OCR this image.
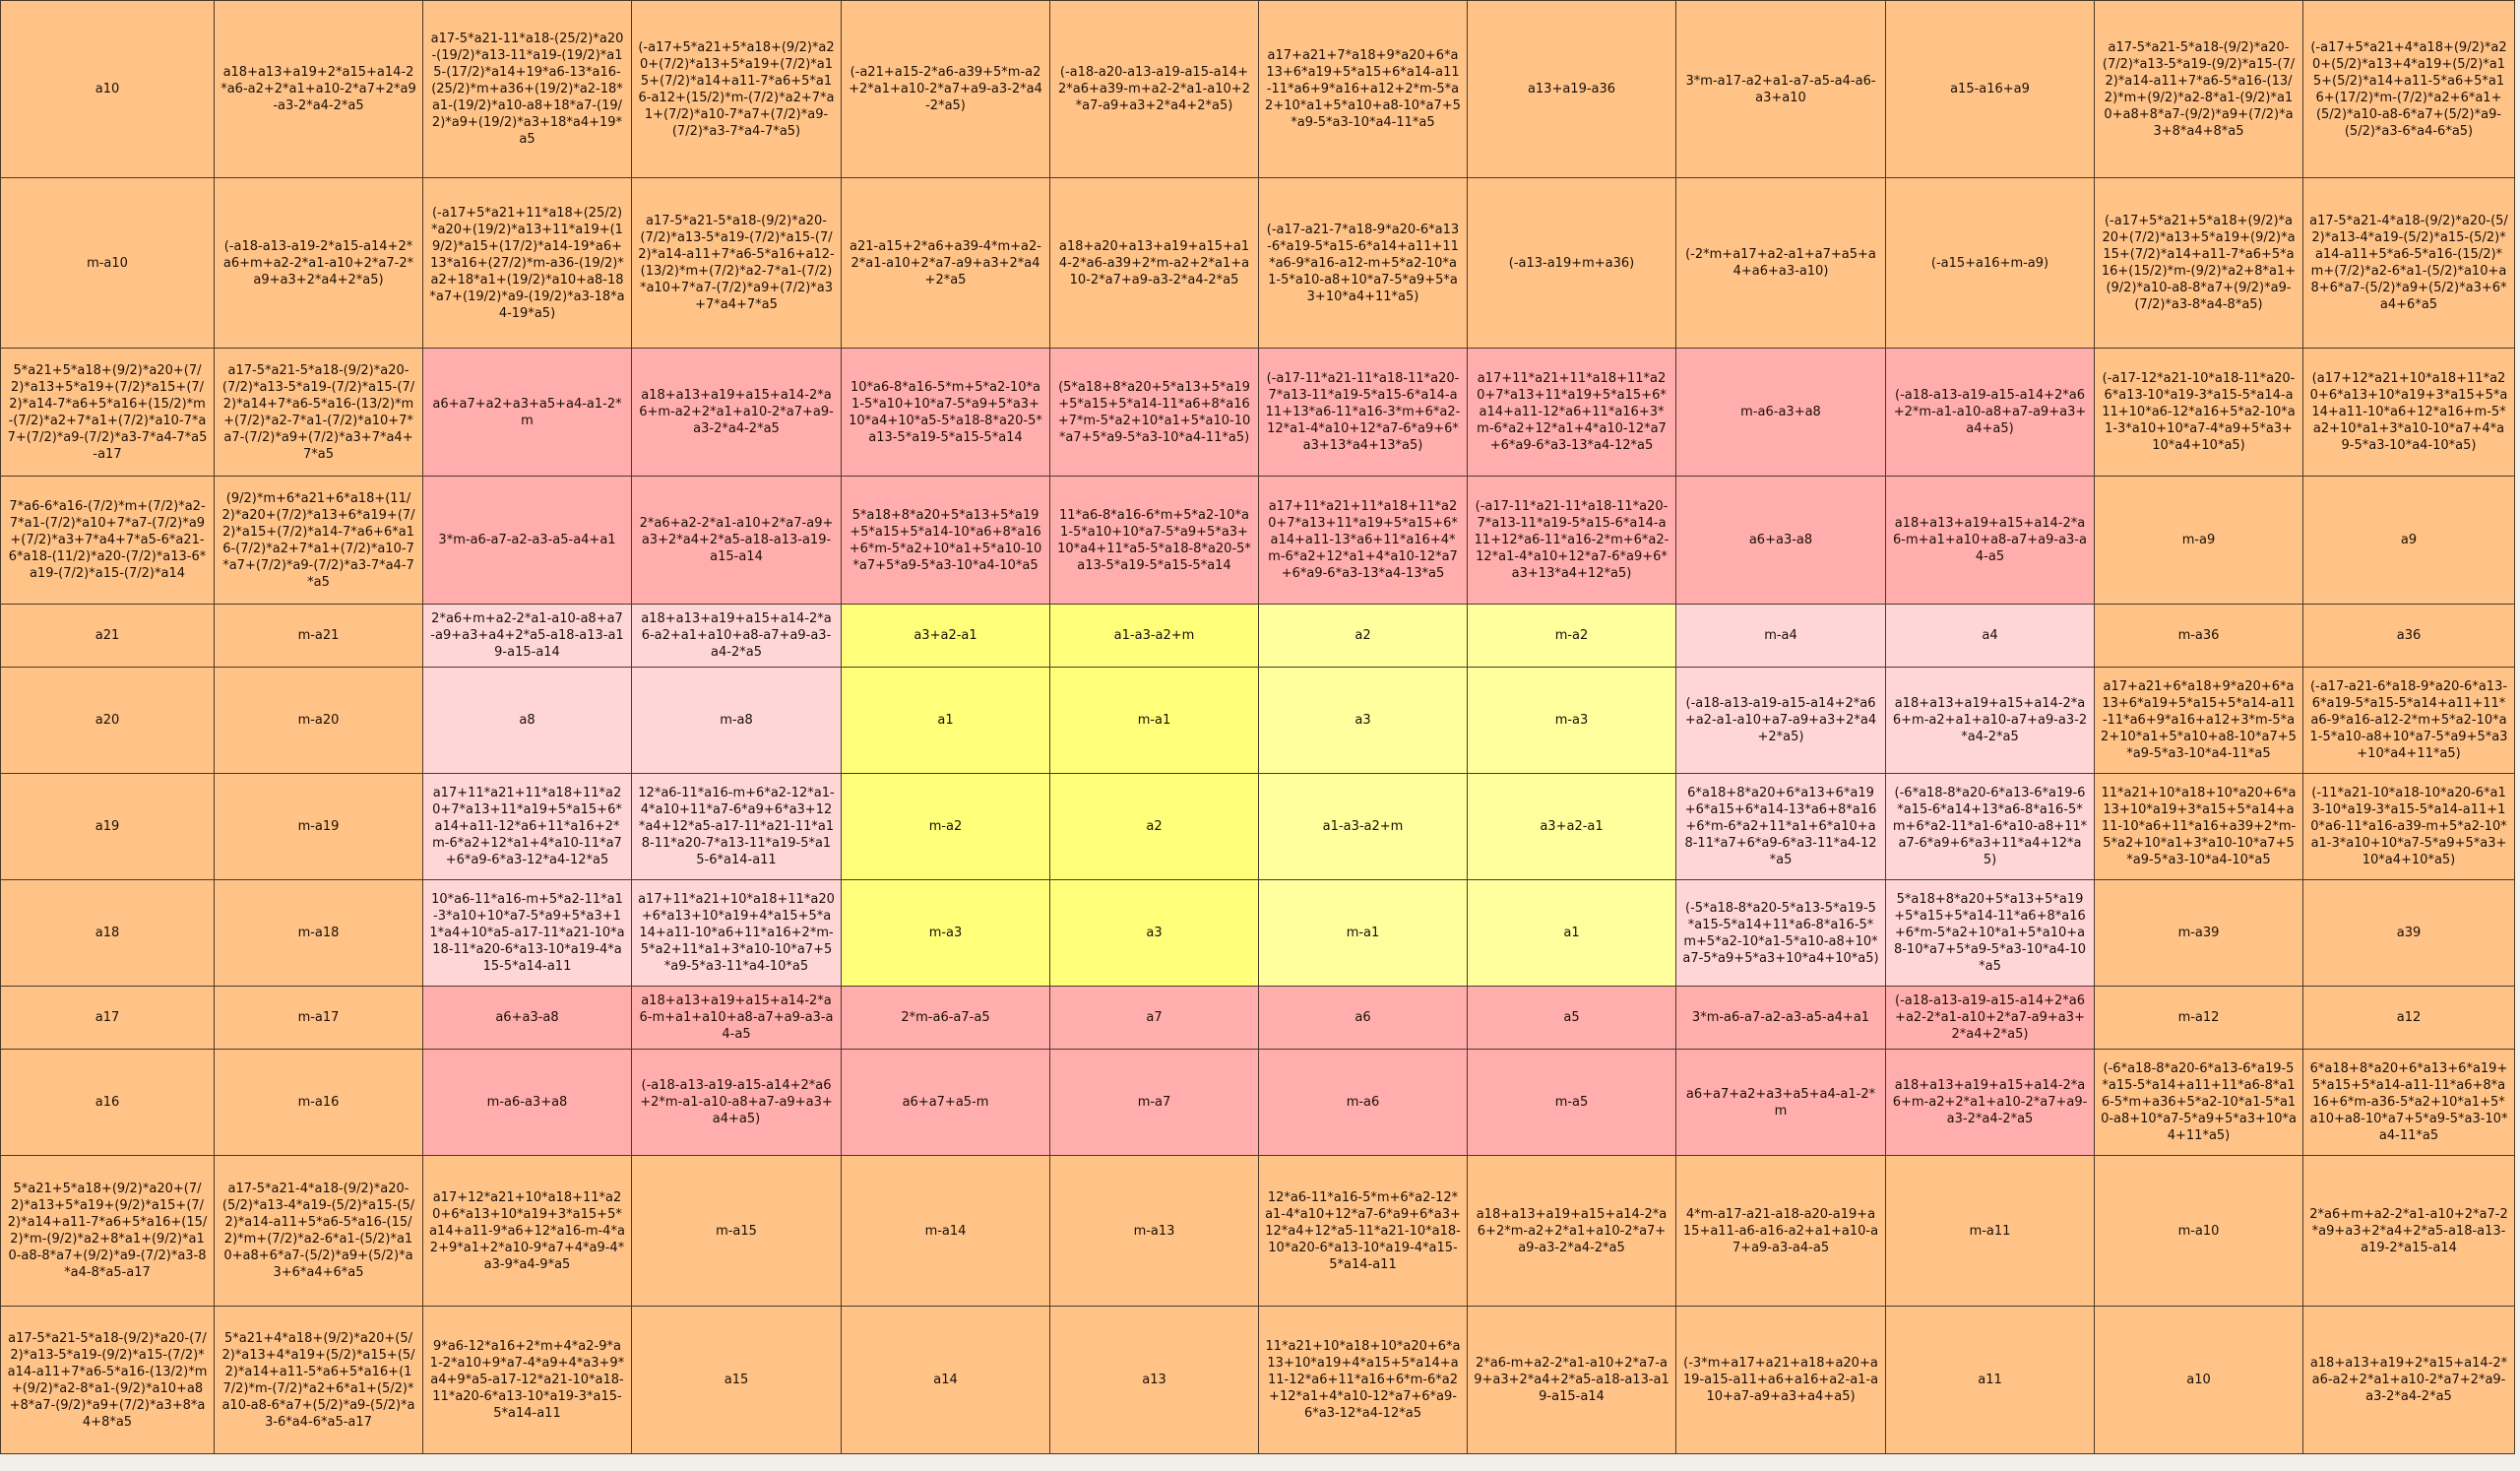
a10	a18+a13+a19+2*a15+a14-2*a6-a2+2*a1+a10-2*a7+2*a9-a3-2*a4-2*a5	a17-5*a21-11*a18-(25/2)*a20-(19/2)*a13-11*a19-(19/2)*a15-(17/2)*a14+19*a6-13*a16-(25/2)*m+a36+(19/2)*a2-18*a1-(19/2)*a10-a8+18*a7-(19/2)*a9+(19/2)*a3+18*a4+19*a5	(-a17+5*a21+5*a18+(9/2)*a20+(7/2)*a13+5*a19+(7/2)*a15+(7/2)*a14+a11-7*a6+5*a16-a12+(15/2)*m-(7/2)*a2+7*a1+(7/2)*a10-7*a7+(7/2)*a9-(7/2)*a3-7*a4-7*a5)	(-a21+a15-2*a6-a39+5*m-a2+2*a1+a10-2*a7+a9-a3-2*a4-2*a5)	(-a18-a20-a13-a19-a15-a14+2*a6+a39-m+a2-2*a1-a10+2*a7-a9+a3+2*a4+2*a5)	a17+a21+7*a18+9*a20+6*a13+6*a19+5*a15+6*a14-a11-11*a6+9*a16+a12+2*m-5*a2+10*a1+5*a10+a8-10*a7+5*a9-5*a3-10*a4-11*a5	a13+a19-a36	3*m-a17-a2+a1-a7-a5-a4-a6-a3+a10	a15-a16+a9	a17-5*a21-5*a18-(9/2)*a20-(7/2)*a13-5*a19-(9/2)*a15-(7/2)*a14-a11+7*a6-5*a16-(13/2)*m+(9/2)*a2-8*a1-(9/2)*a10+a8+8*a7-(9/2)*a9+(7/2)*a3+8*a4+8*a5	(-a17+5*a21+4*a18+(9/2)*a20+(5/2)*a13+4*a19+(5/2)*a15+(5/2)*a14+a11-5*a6+5*a16+(17/2)*m-(7/2)*a2+6*a1+(5/2)*a10-a8-6*a7+(5/2)*a9-(5/2)*a3-6*a4-6*a5)
m-a10	(-a18-a13-a19-2*a15-a14+2*a6+m+a2-2*a1-a10+2*a7-2*a9+a3+2*a4+2*a5)	(-a17+5*a21+11*a18+(25/2)*a20+(19/2)*a13+11*a19+(19/2)*a15+(17/2)*a14-19*a6+13*a16+(27/2)*m-a36-(19/2)*a2+18*a1+(19/2)*a10+a8-18*a7+(19/2)*a9-(19/2)*a3-18*a4-19*a5)	a17-5*a21-5*a18-(9/2)*a20-(7/2)*a13-5*a19-(7/2)*a15-(7/2)*a14-a11+7*a6-5*a16+a12-(13/2)*m+(7/2)*a2-7*a1-(7/2)*a10+7*a7-(7/2)*a9+(7/2)*a3+7*a4+7*a5	a21-a15+2*a6+a39-4*m+a2-2*a1-a10+2*a7-a9+a3+2*a4+2*a5	a18+a20+a13+a19+a15+a14-2*a6-a39+2*m-a2+2*a1+a10-2*a7+a9-a3-2*a4-2*a5	(-a17-a21-7*a18-9*a20-6*a13-6*a19-5*a15-6*a14+a11+11*a6-9*a16-a12-m+5*a2-10*a1-5*a10-a8+10*a7-5*a9+5*a3+10*a4+11*a5)	(-a13-a19+m+a36)	(-2*m+a17+a2-a1+a7+a5+a4+a6+a3-a10)	(-a15+a16+m-a9)	(-a17+5*a21+5*a18+(9/2)*a20+(7/2)*a13+5*a19+(9/2)*a15+(7/2)*a14+a11-7*a6+5*a16+(15/2)*m-(9/2)*a2+8*a1+(9/2)*a10-a8-8*a7+(9/2)*a9-(7/2)*a3-8*a4-8*a5)	a17-5*a21-4*a18-(9/2)*a20-(5/2)*a13-4*a19-(5/2)*a15-(5/2)*a14-a11+5*a6-5*a16-(15/2)*m+(7/2)*a2-6*a1-(5/2)*a10+a8+6*a7-(5/2)*a9+(5/2)*a3+6*a4+6*a5
5*a21+5*a18+(9/2)*a20+(7/2)*a13+5*a19+(7/2)*a15+(7/2)*a14-7*a6+5*a16+(15/2)*m-(7/2)*a2+7*a1+(7/2)*a10-7*a7+(7/2)*a9-(7/2)*a3-7*a4-7*a5-a17	a17-5*a21-5*a18-(9/2)*a20-(7/2)*a13-5*a19-(7/2)*a15-(7/2)*a14+7*a6-5*a16-(13/2)*m+(7/2)*a2-7*a1-(7/2)*a10+7*a7-(7/2)*a9+(7/2)*a3+7*a4+7*a5	a6+a7+a2+a3+a5+a4-a1-2*m	a18+a13+a19+a15+a14-2*a6+m-a2+2*a1+a10-2*a7+a9-a3-2*a4-2*a5	10*a6-8*a16-5*m+5*a2-10*a1-5*a10+10*a7-5*a9+5*a3+10*a4+10*a5-5*a18-8*a20-5*a13-5*a19-5*a15-5*a14	(5*a18+8*a20+5*a13+5*a19+5*a15+5*a14-11*a6+8*a16+7*m-5*a2+10*a1+5*a10-10*a7+5*a9-5*a3-10*a4-11*a5)	(-a17-11*a21-11*a18-11*a20-7*a13-11*a19-5*a15-6*a14-a11+13*a6-11*a16-3*m+6*a2-12*a1-4*a10+12*a7-6*a9+6*a3+13*a4+13*a5)	a17+11*a21+11*a18+11*a20+7*a13+11*a19+5*a15+6*a14+a11-12*a6+11*a16+3*m-6*a2+12*a1+4*a10-12*a7+6*a9-6*a3-13*a4-12*a5	m-a6-a3+a8	(-a18-a13-a19-a15-a14+2*a6+2*m-a1-a10-a8+a7-a9+a3+a4+a5)	(-a17-12*a21-10*a18-11*a20-6*a13-10*a19-3*a15-5*a14-a11+10*a6-12*a16+5*a2-10*a1-3*a10+10*a7-4*a9+5*a3+10*a4+10*a5)	(a17+12*a21+10*a18+11*a20+6*a13+10*a19+3*a15+5*a14+a11-10*a6+12*a16+m-5*a2+10*a1+3*a10-10*a7+4*a9-5*a3-10*a4-10*a5)
7*a6-6*a16-(7/2)*m+(7/2)*a2-7*a1-(7/2)*a10+7*a7-(7/2)*a9+(7/2)*a3+7*a4+7*a5-6*a21-6*a18-(11/2)*a20-(7/2)*a13-6*a19-(7/2)*a15-(7/2)*a14	(9/2)*m+6*a21+6*a18+(11/2)*a20+(7/2)*a13+6*a19+(7/2)*a15+(7/2)*a14-7*a6+6*a16-(7/2)*a2+7*a1+(7/2)*a10-7*a7+(7/2)*a9-(7/2)*a3-7*a4-7*a5	3*m-a6-a7-a2-a3-a5-a4+a1	2*a6+a2-2*a1-a10+2*a7-a9+a3+2*a4+2*a5-a18-a13-a19-a15-a14	5*a18+8*a20+5*a13+5*a19+5*a15+5*a14-10*a6+8*a16+6*m-5*a2+10*a1+5*a10-10*a7+5*a9-5*a3-10*a4-10*a5	11*a6-8*a16-6*m+5*a2-10*a1-5*a10+10*a7-5*a9+5*a3+10*a4+11*a5-5*a18-8*a20-5*a13-5*a19-5*a15-5*a14	a17+11*a21+11*a18+11*a20+7*a13+11*a19+5*a15+6*a14+a11-13*a6+11*a16+4*m-6*a2+12*a1+4*a10-12*a7+6*a9-6*a3-13*a4-13*a5	(-a17-11*a21-11*a18-11*a20-7*a13-11*a19-5*a15-6*a14-a11+12*a6-11*a16-2*m+6*a2-12*a1-4*a10+12*a7-6*a9+6*a3+13*a4+12*a5)	a6+a3-a8	a18+a13+a19+a15+a14-2*a6-m+a1+a10+a8-a7+a9-a3-a4-a5	m-a9	a9
a21	m-a21	2*a6+m+a2-2*a1-a10-a8+a7-a9+a3+a4+2*a5-a18-a13-a19-a15-a14	a18+a13+a19+a15+a14-2*a6-a2+a1+a10+a8-a7+a9-a3-a4-2*a5	a3+a2-a1	a1-a3-a2+m	a2	m-a2	m-a4	a4	m-a36	a36
a20	m-a20	a8	m-a8	a1	m-a1	a3	m-a3	(-a18-a13-a19-a15-a14+2*a6+a2-a1-a10+a7-a9+a3+2*a4+2*a5)	a18+a13+a19+a15+a14-2*a6+m-a2+a1+a10-a7+a9-a3-2*a4-2*a5	a17+a21+6*a18+9*a20+6*a13+6*a19+5*a15+5*a14-a11-11*a6+9*a16+a12+3*m-5*a2+10*a1+5*a10+a8-10*a7+5*a9-5*a3-10*a4-11*a5	(-a17-a21-6*a18-9*a20-6*a13-6*a19-5*a15-5*a14+a11+11*a6-9*a16-a12-2*m+5*a2-10*a1-5*a10-a8+10*a7-5*a9+5*a3+10*a4+11*a5)
a19	m-a19	a17+11*a21+11*a18+11*a20+7*a13+11*a19+5*a15+6*a14+a11-12*a6+11*a16+2*m-6*a2+12*a1+4*a10-11*a7+6*a9-6*a3-12*a4-12*a5	12*a6-11*a16-m+6*a2-12*a1-4*a10+11*a7-6*a9+6*a3+12*a4+12*a5-a17-11*a21-11*a18-11*a20-7*a13-11*a19-5*a15-6*a14-a11	m-a2	a2	a1-a3-a2+m	a3+a2-a1	6*a18+8*a20+6*a13+6*a19+6*a15+6*a14-13*a6+8*a16+6*m-6*a2+11*a1+6*a10+a8-11*a7+6*a9-6*a3-11*a4-12*a5	(-6*a18-8*a20-6*a13-6*a19-6*a15-6*a14+13*a6-8*a16-5*m+6*a2-11*a1-6*a10-a8+11*a7-6*a9+6*a3+11*a4+12*a5)	11*a21+10*a18+10*a20+6*a13+10*a19+3*a15+5*a14+a11-10*a6+11*a16+a39+2*m-5*a2+10*a1+3*a10-10*a7+5*a9-5*a3-10*a4-10*a5	(-11*a21-10*a18-10*a20-6*a13-10*a19-3*a15-5*a14-a11+10*a6-11*a16-a39-m+5*a2-10*a1-3*a10+10*a7-5*a9+5*a3+10*a4+10*a5)
a18	m-a18	10*a6-11*a16-m+5*a2-11*a1-3*a10+10*a7-5*a9+5*a3+11*a4+10*a5-a17-11*a21-10*a18-11*a20-6*a13-10*a19-4*a15-5*a14-a11	a17+11*a21+10*a18+11*a20+6*a13+10*a19+4*a15+5*a14+a11-10*a6+11*a16+2*m-5*a2+11*a1+3*a10-10*a7+5*a9-5*a3-11*a4-10*a5	m-a3	a3	m-a1	a1	(-5*a18-8*a20-5*a13-5*a19-5*a15-5*a14+11*a6-8*a16-5*m+5*a2-10*a1-5*a10-a8+10*a7-5*a9+5*a3+10*a4+10*a5)	5*a18+8*a20+5*a13+5*a19+5*a15+5*a14-11*a6+8*a16+6*m-5*a2+10*a1+5*a10+a8-10*a7+5*a9-5*a3-10*a4-10*a5	m-a39	a39
a17	m-a17	a6+a3-a8	a18+a13+a19+a15+a14-2*a6-m+a1+a10+a8-a7+a9-a3-a4-a5	2*m-a6-a7-a5	a7	a6	a5	3*m-a6-a7-a2-a3-a5-a4+a1	(-a18-a13-a19-a15-a14+2*a6+a2-2*a1-a10+2*a7-a9+a3+2*a4+2*a5)	m-a12	a12
a16	m-a16	m-a6-a3+a8	(-a18-a13-a19-a15-a14+2*a6+2*m-a1-a10-a8+a7-a9+a3+a4+a5)	a6+a7+a5-m	m-a7	m-a6	m-a5	a6+a7+a2+a3+a5+a4-a1-2*m	a18+a13+a19+a15+a14-2*a6+m-a2+2*a1+a10-2*a7+a9-a3-2*a4-2*a5	(-6*a18-8*a20-6*a13-6*a19-5*a15-5*a14+a11+11*a6-8*a16-5*m+a36+5*a2-10*a1-5*a10-a8+10*a7-5*a9+5*a3+10*a4+11*a5)	6*a18+8*a20+6*a13+6*a19+5*a15+5*a14-a11-11*a6+8*a16+6*m-a36-5*a2+10*a1+5*a10+a8-10*a7+5*a9-5*a3-10*a4-11*a5
5*a21+5*a18+(9/2)*a20+(7/2)*a13+5*a19+(9/2)*a15+(7/2)*a14+a11-7*a6+5*a16+(15/2)*m-(9/2)*a2+8*a1+(9/2)*a10-a8-8*a7+(9/2)*a9-(7/2)*a3-8*a4-8*a5-a17	a17-5*a21-4*a18-(9/2)*a20-(5/2)*a13-4*a19-(5/2)*a15-(5/2)*a14-a11+5*a6-5*a16-(15/2)*m+(7/2)*a2-6*a1-(5/2)*a10+a8+6*a7-(5/2)*a9+(5/2)*a3+6*a4+6*a5	a17+12*a21+10*a18+11*a20+6*a13+10*a19+3*a15+5*a14+a11-9*a6+12*a16-m-4*a2+9*a1+2*a10-9*a7+4*a9-4*a3-9*a4-9*a5	m-a15	m-a14	m-a13	12*a6-11*a16-5*m+6*a2-12*a1-4*a10+12*a7-6*a9+6*a3+12*a4+12*a5-11*a21-10*a18-10*a20-6*a13-10*a19-4*a15-5*a14-a11	a18+a13+a19+a15+a14-2*a6+2*m-a2+2*a1+a10-2*a7+a9-a3-2*a4-2*a5	4*m-a17-a21-a18-a20-a19+a15+a11-a6-a16-a2+a1+a10-a7+a9-a3-a4-a5	m-a11	m-a10	2*a6+m+a2-2*a1-a10+2*a7-2*a9+a3+2*a4+2*a5-a18-a13-a19-2*a15-a14
a17-5*a21-5*a18-(9/2)*a20-(7/2)*a13-5*a19-(9/2)*a15-(7/2)*a14-a11+7*a6-5*a16-(13/2)*m+(9/2)*a2-8*a1-(9/2)*a10+a8+8*a7-(9/2)*a9+(7/2)*a3+8*a4+8*a5	5*a21+4*a18+(9/2)*a20+(5/2)*a13+4*a19+(5/2)*a15+(5/2)*a14+a11-5*a6+5*a16+(17/2)*m-(7/2)*a2+6*a1+(5/2)*a10-a8-6*a7+(5/2)*a9-(5/2)*a3-6*a4-6*a5-a17	9*a6-12*a16+2*m+4*a2-9*a1-2*a10+9*a7-4*a9+4*a3+9*a4+9*a5-a17-12*a21-10*a18-11*a20-6*a13-10*a19-3*a15-5*a14-a11	a15	a14	a13	11*a21+10*a18+10*a20+6*a13+10*a19+4*a15+5*a14+a11-12*a6+11*a16+6*m-6*a2+12*a1+4*a10-12*a7+6*a9-6*a3-12*a4-12*a5	2*a6-m+a2-2*a1-a10+2*a7-a9+a3+2*a4+2*a5-a18-a13-a19-a15-a14	(-3*m+a17+a21+a18+a20+a19-a15-a11+a6+a16+a2-a1-a10+a7-a9+a3+a4+a5)	a11	a10	a18+a13+a19+2*a15+a14-2*a6-a2+2*a1+a10-2*a7+2*a9-a3-2*a4-2*a5
